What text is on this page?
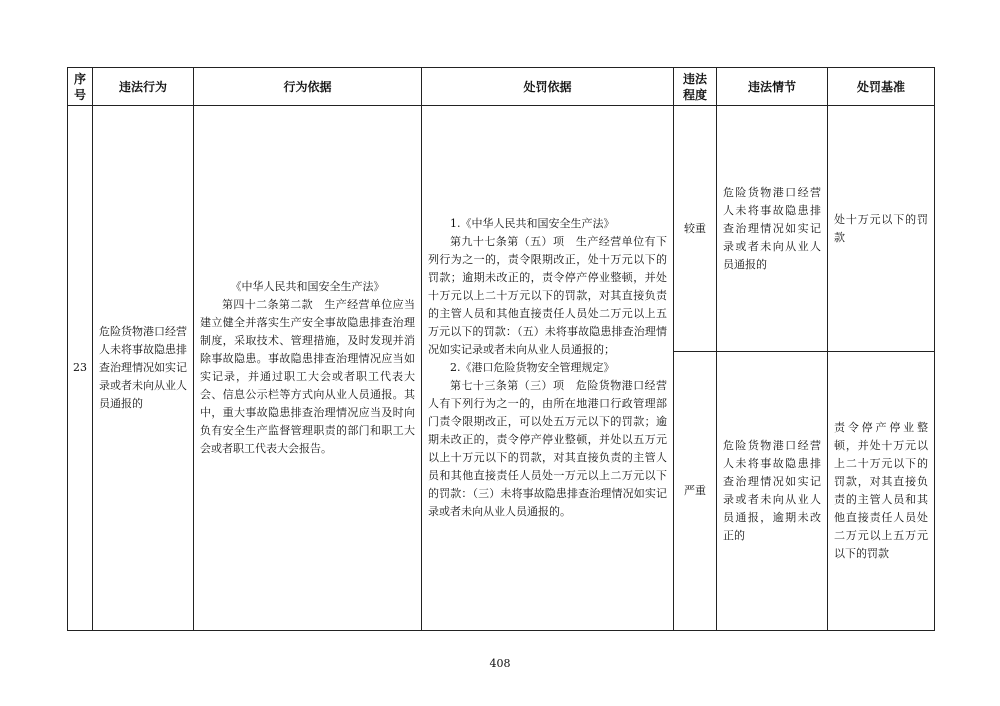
序号	违法行为	行为依据	处罚依据	违法程度	违法情节	处罚基准
23	危险货物港口经营人未将事故隐患排查治理情况如实记录或者未向从业人员通报的	《中华人民共和国安全生产法》
第四十二条第二款　生产经营单位应当建立健全并落实生产安全事故隐患排查治理制度，采取技术、管理措施，及时发现并消除事故隐患。事故隐患排查治理情况应当如实记录，并通过职工大会或者职工代表大会、信息公示栏等方式向从业人员通报。其中，重大事故隐患排查治理情况应当及时向负有安全生产监督管理职责的部门和职工大会或者职工代表大会报告。	1.《中华人民共和国安全生产法》
第九十七条第（五）项　生产经营单位有下列行为之一的，责令限期改正，处十万元以下的罚款；逾期未改正的，责令停产停业整顿，并处十万元以上二十万元以下的罚款，对其直接负责的主管人员和其他直接责任人员处二万元以上五万元以下的罚款：（五）未将事故隐患排查治理情况如实记录或者未向从业人员通报的；
2.《港口危险货物安全管理规定》
第七十三条第（三）项　危险货物港口经营人有下列行为之一的，由所在地港口行政管理部门责令限期改正，可以处五万元以下的罚款；逾期未改正的，责令停产停业整顿，并处以五万元以上十万元以下的罚款，对其直接负责的主管人员和其他直接责任人员处一万元以上二万元以下的罚款：（三）未将事故隐患排查治理情况如实记录或者未向从业人员通报的。	较重	危险货物港口经营人未将事故隐患排查治理情况如实记录或者未向从业人员通报的	处十万元以下的罚款
				严重	危险货物港口经营人未将事故隐患排查治理情况如实记录或者未向从业人员通报，逾期未改正的	责令停产停业整顿，并处十万元以上二十万元以下的罚款，对其直接负责的主管人员和其他直接责任人员处二万元以上五万元以下的罚款
408
